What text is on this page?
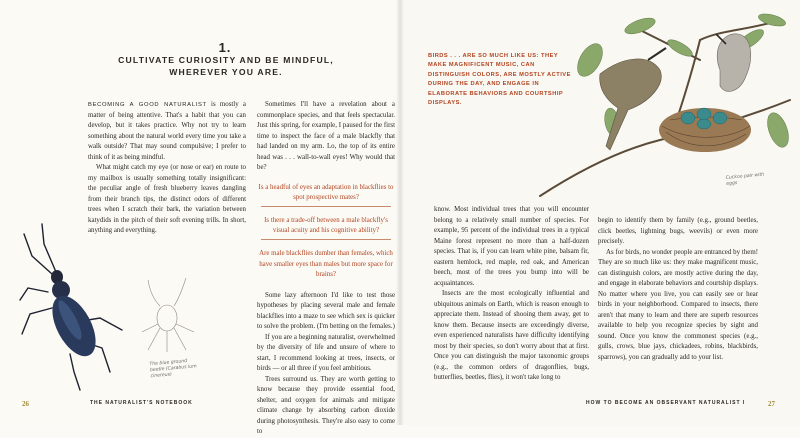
1.
CULTIVATE CURIOSITY AND BE MINDFUL, WHEREVER YOU ARE.

BECOMING A GOOD NATURALIST is mostly a matter of being attentive. That's a habit that you can develop, but it takes practice. Why not try to learn something about the natural world every time you take a walk outside? That may sound compulsive; I prefer to think of it as being mindful.

What might catch my eye (or nose or ear) en route to my mailbox is usually something totally insignificant: the peculiar angle of fresh blueberry leaves dangling from their branch tips, the distinct odors of different trees when I scratch their bark, the variation between katydids in the pitch of their soft evening trills. In short, anything and everything.

Sometimes I'll have a revelation about a commonplace species, and that feels spectacular. Just this spring, for example, I paused for the first time to inspect the face of a male blackfly that had landed on my arm. Lo, the top of its entire head was . . . wall-to-wall eyes! Why would that be?

Is a headful of eyes an adaptation in blackflies to spot prospective mates?
Is there a trade-off between a male blackfly's visual acuity and his cognitive ability?
Are male blackflies dumber than females, which have smaller eyes than males but more space for brains?

Some lazy afternoon I'd like to test those hypotheses by placing several male and female blackflies into a maze to see which sex is quicker to solve the problem. (I'm betting on the females.)

If you are a beginning naturalist, overwhelmed by the diversity of life and unsure of where to start, I recommend looking at trees, insects, or birds — or all three if you feel ambitious.

Trees surround us. They are worth getting to know because they provide essential food, shelter, and oxygen for animals and mitigate climate change by absorbing carbon dioxide during photosynthesis. They're also easy to come to

The blue ground beetle (Carabus lum cinereus)
26	THE NATURALIST'S NOTEBOOK
BIRDS . . . ARE SO MUCH LIKE US: THEY MAKE MAGNIFICENT MUSIC, CAN DISTINGUISH COLORS, ARE MOSTLY ACTIVE DURING THE DAY, AND ENGAGE IN ELABORATE BEHAVIORS AND COURTSHIP DISPLAYS.
Cuckoo pair with eggs

know. Most individual trees that you will encounter belong to a relatively small number of species. For example, 95 percent of the individual trees in a typical Maine forest represent no more than a half-dozen species. That is, if you can learn white pine, balsam fir, eastern hemlock, red maple, red oak, and American beech, most of the trees you bump into will be acquaintances.

Insects are the most ecologically influential and ubiquitous animals on Earth, which is reason enough to appreciate them. Instead of shooing them away, get to know them. Because insects are exceedingly diverse, even experienced naturalists have difficulty identifying most by their species, so don't worry about that at first. Once you can distinguish the major taxonomic groups (e.g., the common orders of dragonflies, bugs, butterflies, beetles, flies), it won't take long to

begin to identify them by family (e.g., ground beetles, click beetles, lightning bugs, weevils) or even more precisely.

As for birds, no wonder people are entranced by them! They are so much like us: they make magnificent music, can distinguish colors, are mostly active during the day, and engage in elaborate behaviors and courtship displays. No matter where you live, you can easily see or hear birds in your neighborhood. Compared to insects, there aren't that many to learn and there are superb resources available to help you recognize species by sight and sound. Once you know the commonest species (e.g., gulls, crows, blue jays, chickadees, robins, blackbirds, sparrows), you can gradually add to your list.

HOW TO BECOME AN OBSERVANT NATURALIST I	27
